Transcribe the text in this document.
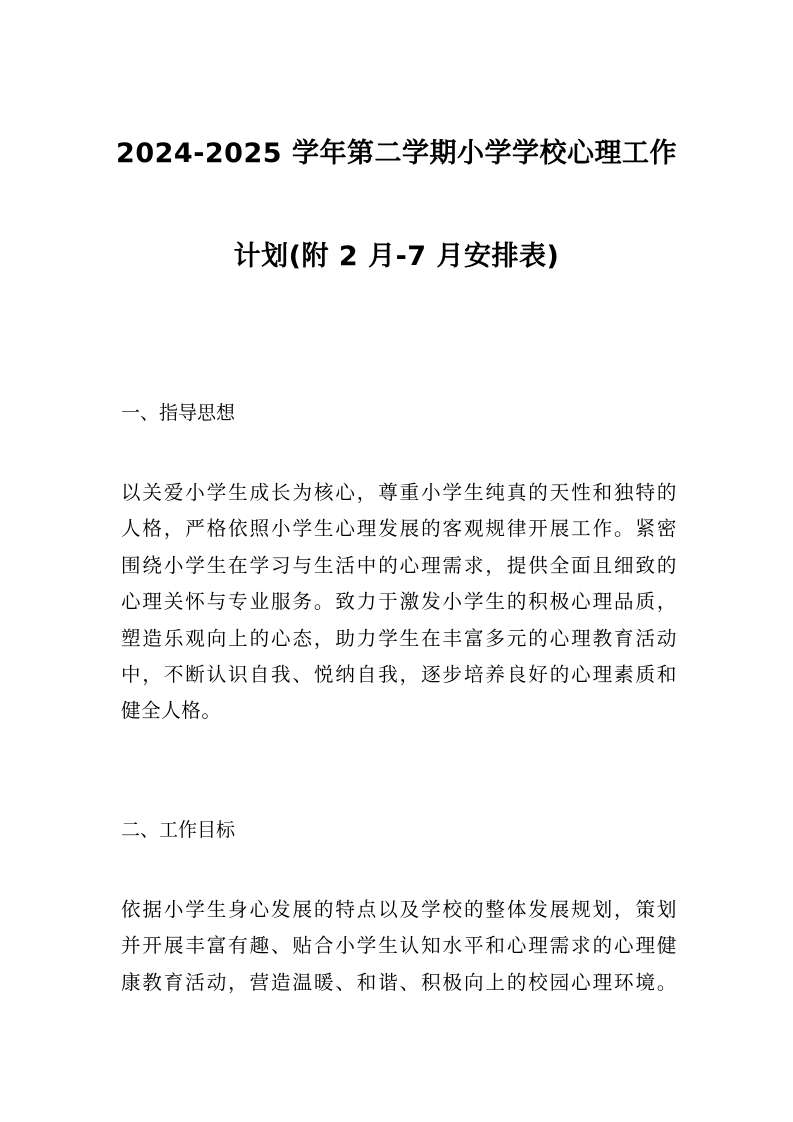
2024-2025 学年第二学期小学学校心理工作
计划(附 2 月-7 月安排表)
一、指导思想
以关爱小学生成长为核心，尊重小学生纯真的天性和独特的
人格，严格依照小学生心理发展的客观规律开展工作。紧密
围绕小学生在学习与生活中的心理需求，提供全面且细致的
心理关怀与专业服务。致力于激发小学生的积极心理品质，
塑造乐观向上的心态，助力学生在丰富多元的心理教育活动
中，不断认识自我、悦纳自我，逐步培养良好的心理素质和
健全人格。
二、工作目标
依据小学生身心发展的特点以及学校的整体发展规划，策划
并开展丰富有趣、贴合小学生认知水平和心理需求的心理健
康教育活动，营造温暖、和谐、积极向上的校园心理环境。
